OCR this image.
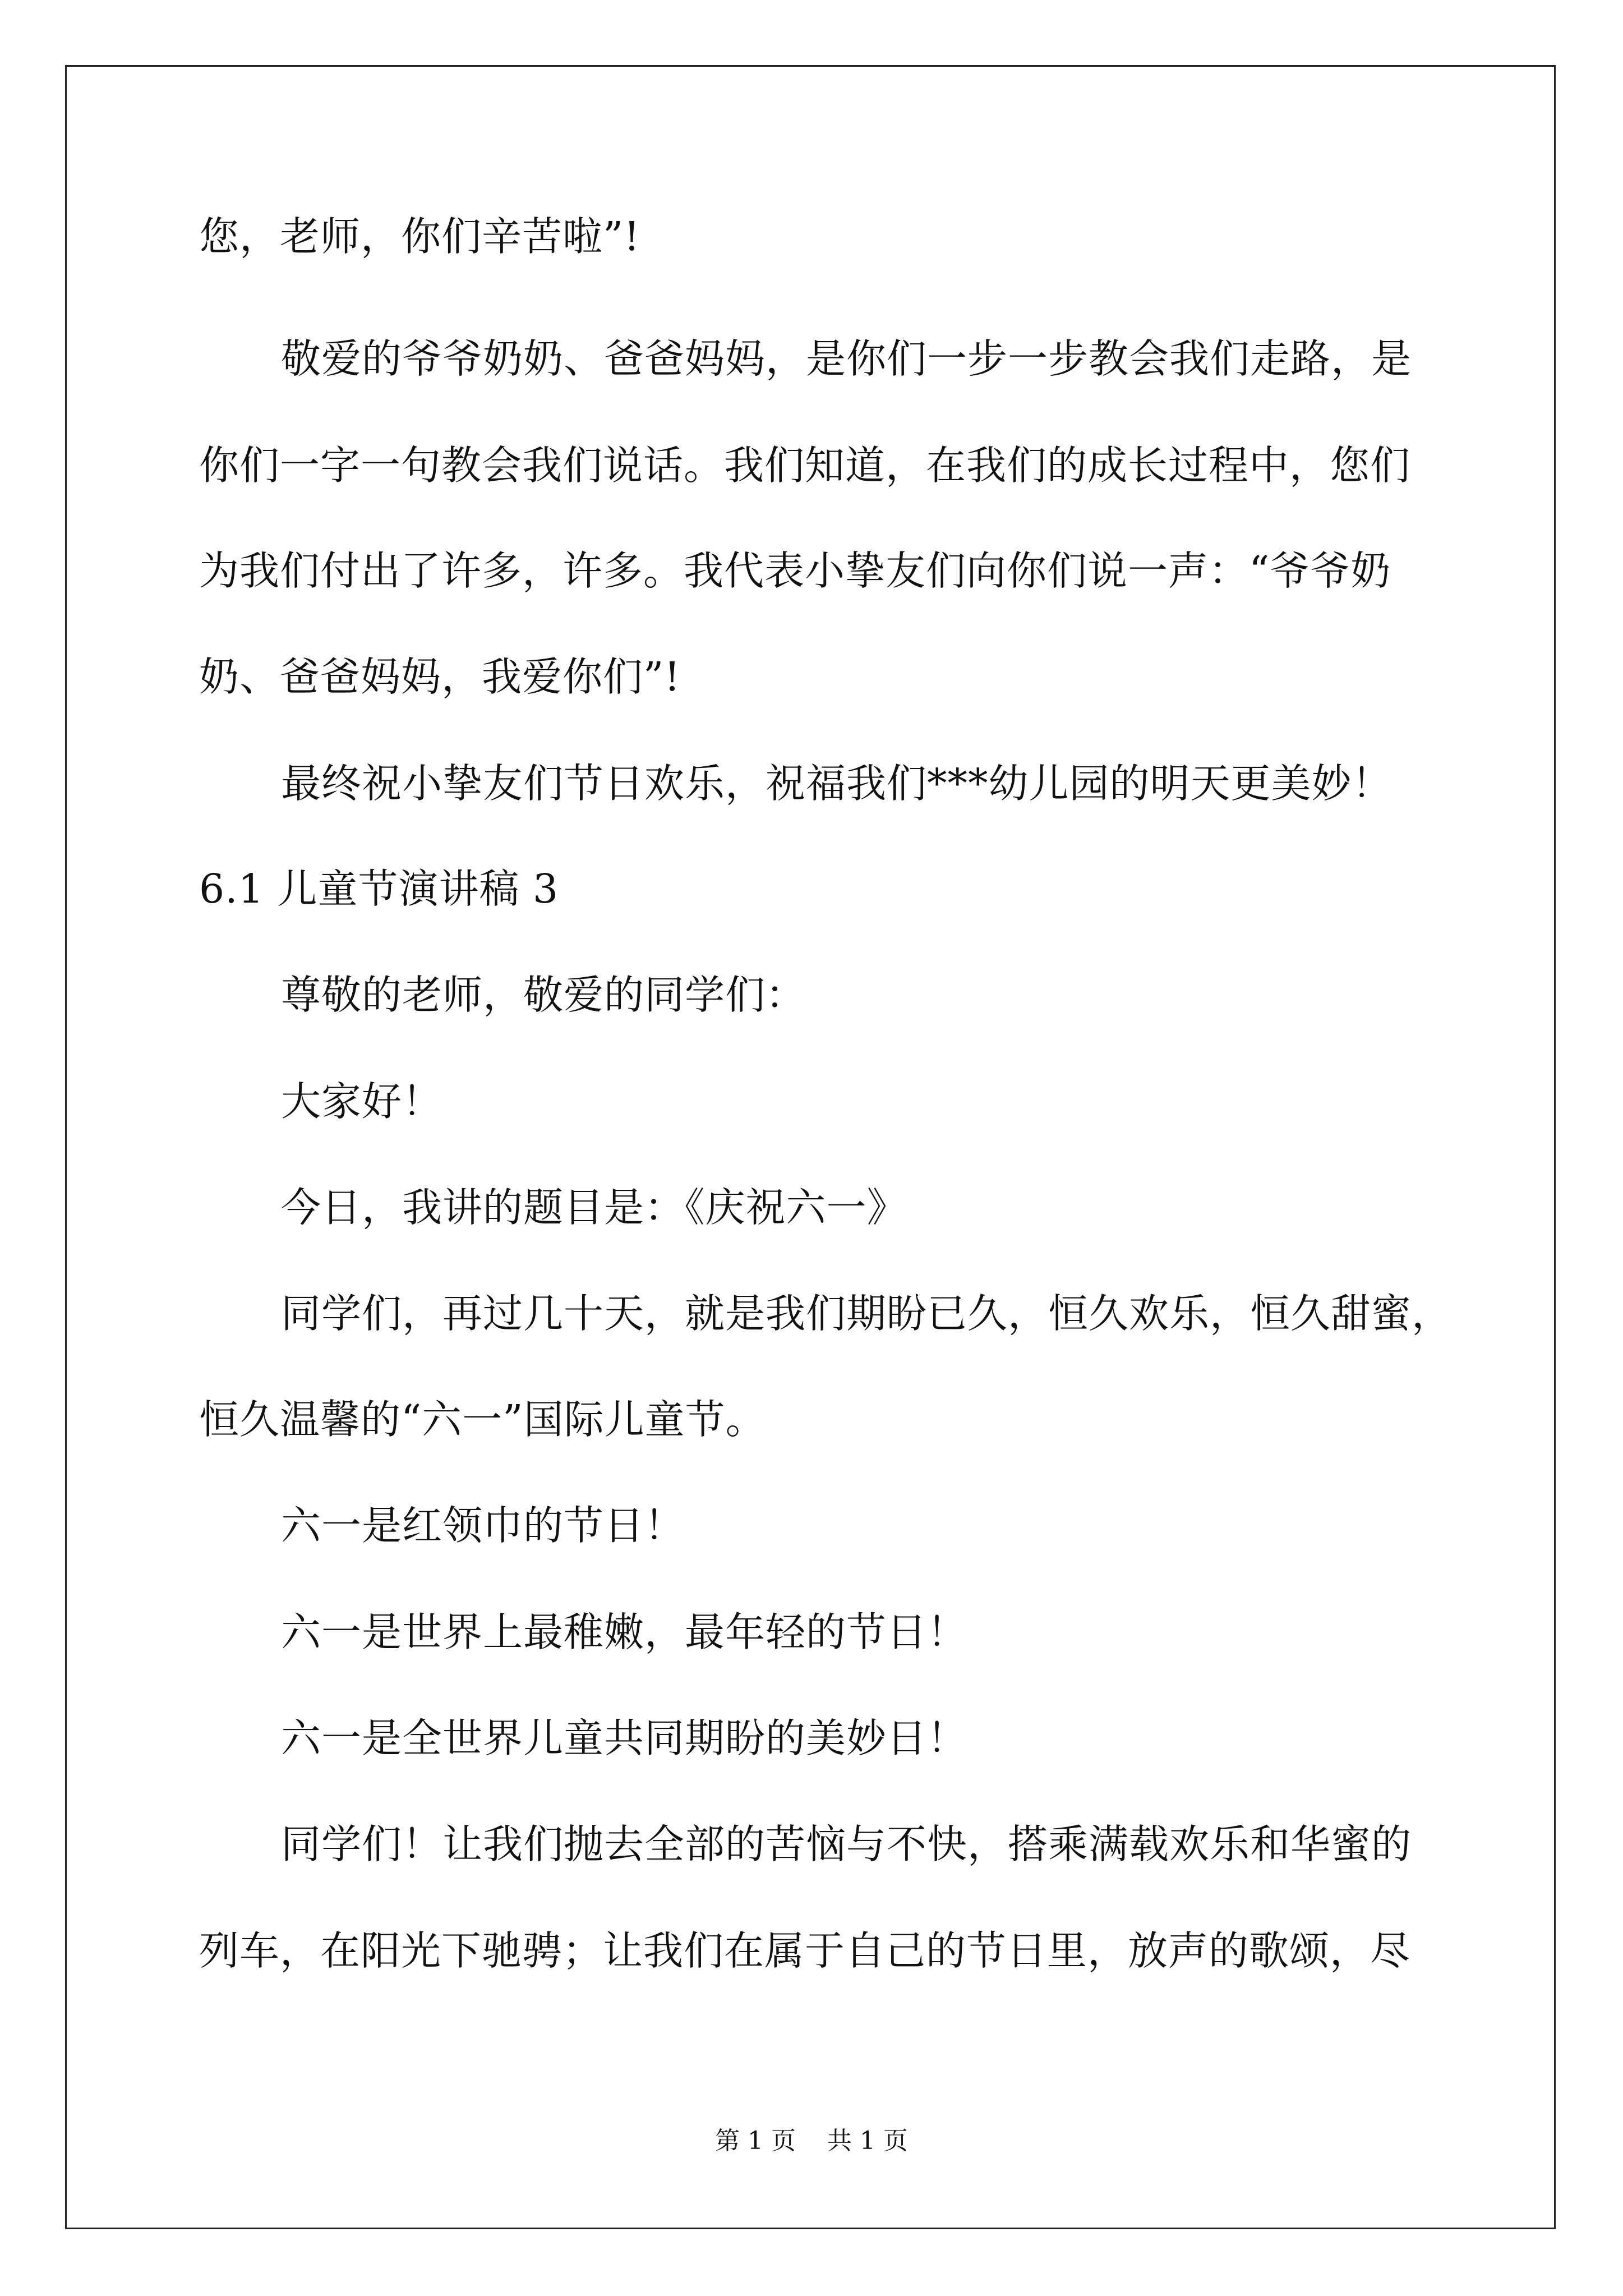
您，老师，你们辛苦啦”!
敬爱的爷爷奶奶、爸爸妈妈，是你们一步一步教会我们走路，是
你们一字一句教会我们说话。我们知道，在我们的成长过程中，您们
为我们付出了许多，许多。我代表小挚友们向你们说一声：“爷爷奶
奶、爸爸妈妈，我爱你们”!
最终祝小挚友们节日欢乐，祝福我们***幼儿园的明天更美妙！
6.1 儿童节演讲稿 3
尊敬的老师，敬爱的同学们：
大家好！
今日，我讲的题目是：《庆祝六一》
同学们，再过几十天，就是我们期盼已久，恒久欢乐，恒久甜蜜，
恒久温馨的“六一”国际儿童节。
六一是红领巾的节日！
六一是世界上最稚嫩，最年轻的节日！
六一是全世界儿童共同期盼的美妙日！
同学们！让我们抛去全部的苦恼与不快，搭乘满载欢乐和华蜜的
列车，在阳光下驰骋；让我们在属于自己的节日里，放声的歌颂，尽
第 1 页    共 1 页
